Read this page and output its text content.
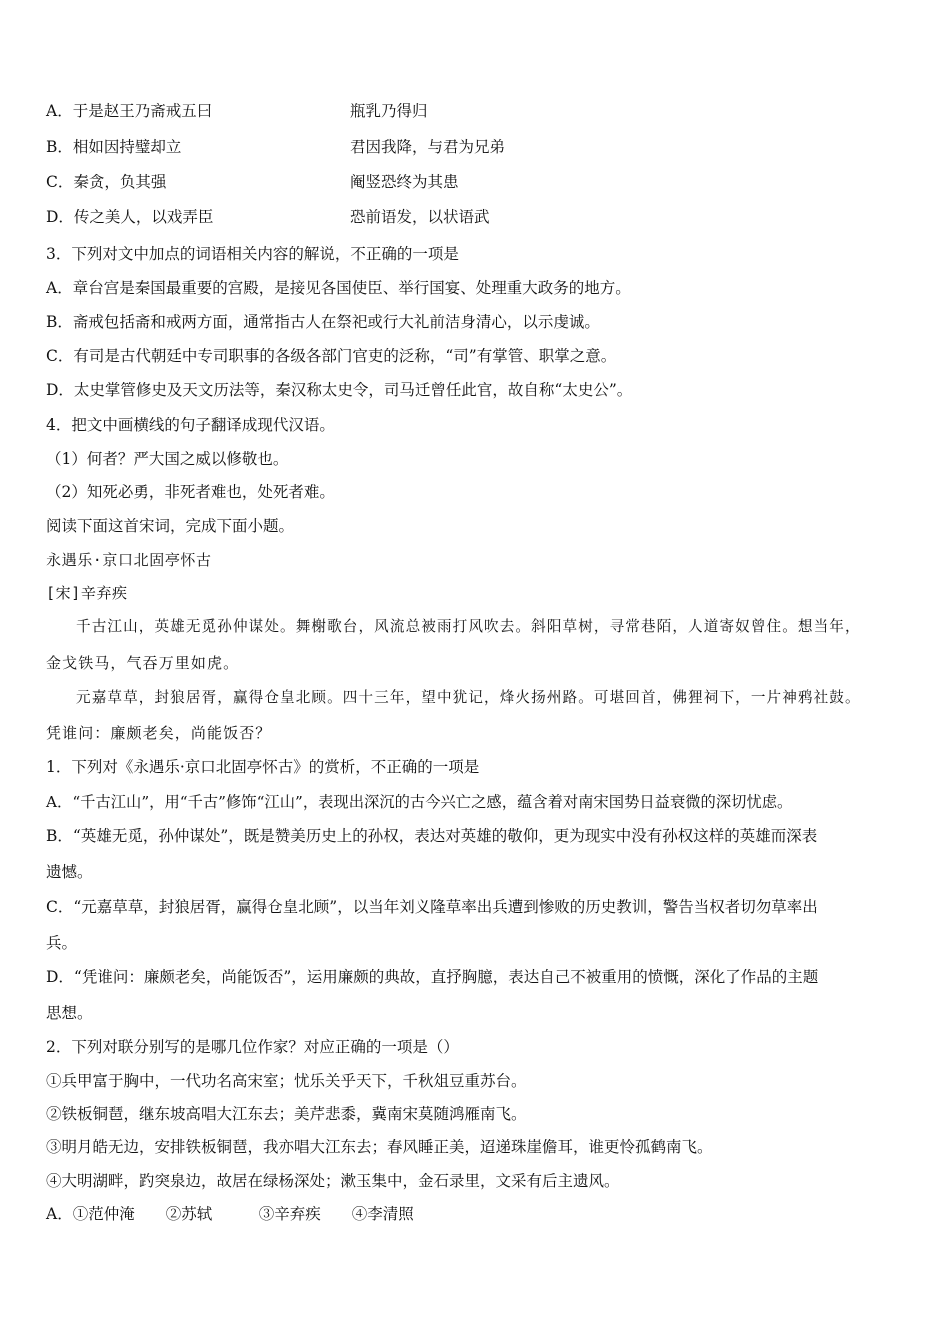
A．于是赵王乃斋戒五曰	瓶乳乃得归
B．相如因持璧却立	君因我降，与君为兄弟
C．秦贪，负其强	阉竖恐终为其患
D．传之美人，以戏弄臣	恐前语发，以状语武
3．下列对文中加点的词语相关内容的解说，不正确的一项是
A．章台宫是秦国最重要的宫殿，是接见各国使臣、举行国宴、处理重大政务的地方。
B．斋戒包括斋和戒两方面，通常指古人在祭祀或行大礼前洁身清心，以示虔诚。
C．有司是古代朝廷中专司职事的各级各部门官吏的泛称，“司”有掌管、职掌之意。
D．太史掌管修史及天文历法等，秦汉称太史令，司马迁曾任此官，故自称“太史公”。
4．把文中画横线的句子翻译成现代汉语。
（1）何者？严大国之威以修敬也。
（2）知死必勇，非死者难也，处死者难。
阅读下面这首宋词，完成下面小题。
永遇乐·京口北固亭怀古
[宋]辛弃疾
千古江山，英雄无觅孙仲谋处。舞榭歌台，风流总被雨打风吹去。斜阳草树，寻常巷陌，人道寄奴曾住。想当年，
金戈铁马，气吞万里如虎。
元嘉草草，封狼居胥，赢得仓皇北顾。四十三年，望中犹记，烽火扬州路。可堪回首，佛狸祠下，一片神鸦社鼓。
凭谁问：廉颇老矣，尚能饭否？
1．下列对《永遇乐·京口北固亭怀古》的赏析，不正确的一项是
A．“千古江山”，用“千古”修饰“江山”，表现出深沉的古今兴亡之感，蕴含着对南宋国势日益衰微的深切忧虑。
B．“英雄无觅，孙仲谋处”，既是赞美历史上的孙权，表达对英雄的敬仰，更为现实中没有孙权这样的英雄而深表
遗憾。
C．“元嘉草草，封狼居胥，赢得仓皇北顾”，以当年刘义隆草率出兵遭到惨败的历史教训，警告当权者切勿草率出
兵。
D．“凭谁问：廉颇老矣，尚能饭否”，运用廉颇的典故，直抒胸臆，表达自己不被重用的愤慨，深化了作品的主题
思想。
2．下列对联分别写的是哪几位作家？对应正确的一项是（）
①兵甲富于胸中，一代功名高宋室；忧乐关乎天下，千秋俎豆重苏台。
②铁板铜琶，继东坡高唱大江东去；美芹悲黍，冀南宋莫随鸿雁南飞。
③明月皓无边，安排铁板铜琶，我亦唱大江东去；春风睡正美，迢递珠崖儋耳，谁更怜孤鹤南飞。
④大明湖畔，趵突泉边，故居在绿杨深处；漱玉集中，金石录里，文采有后主遗风。
A．①范仲淹　　②苏轼　　　③辛弃疾　　④李清照
